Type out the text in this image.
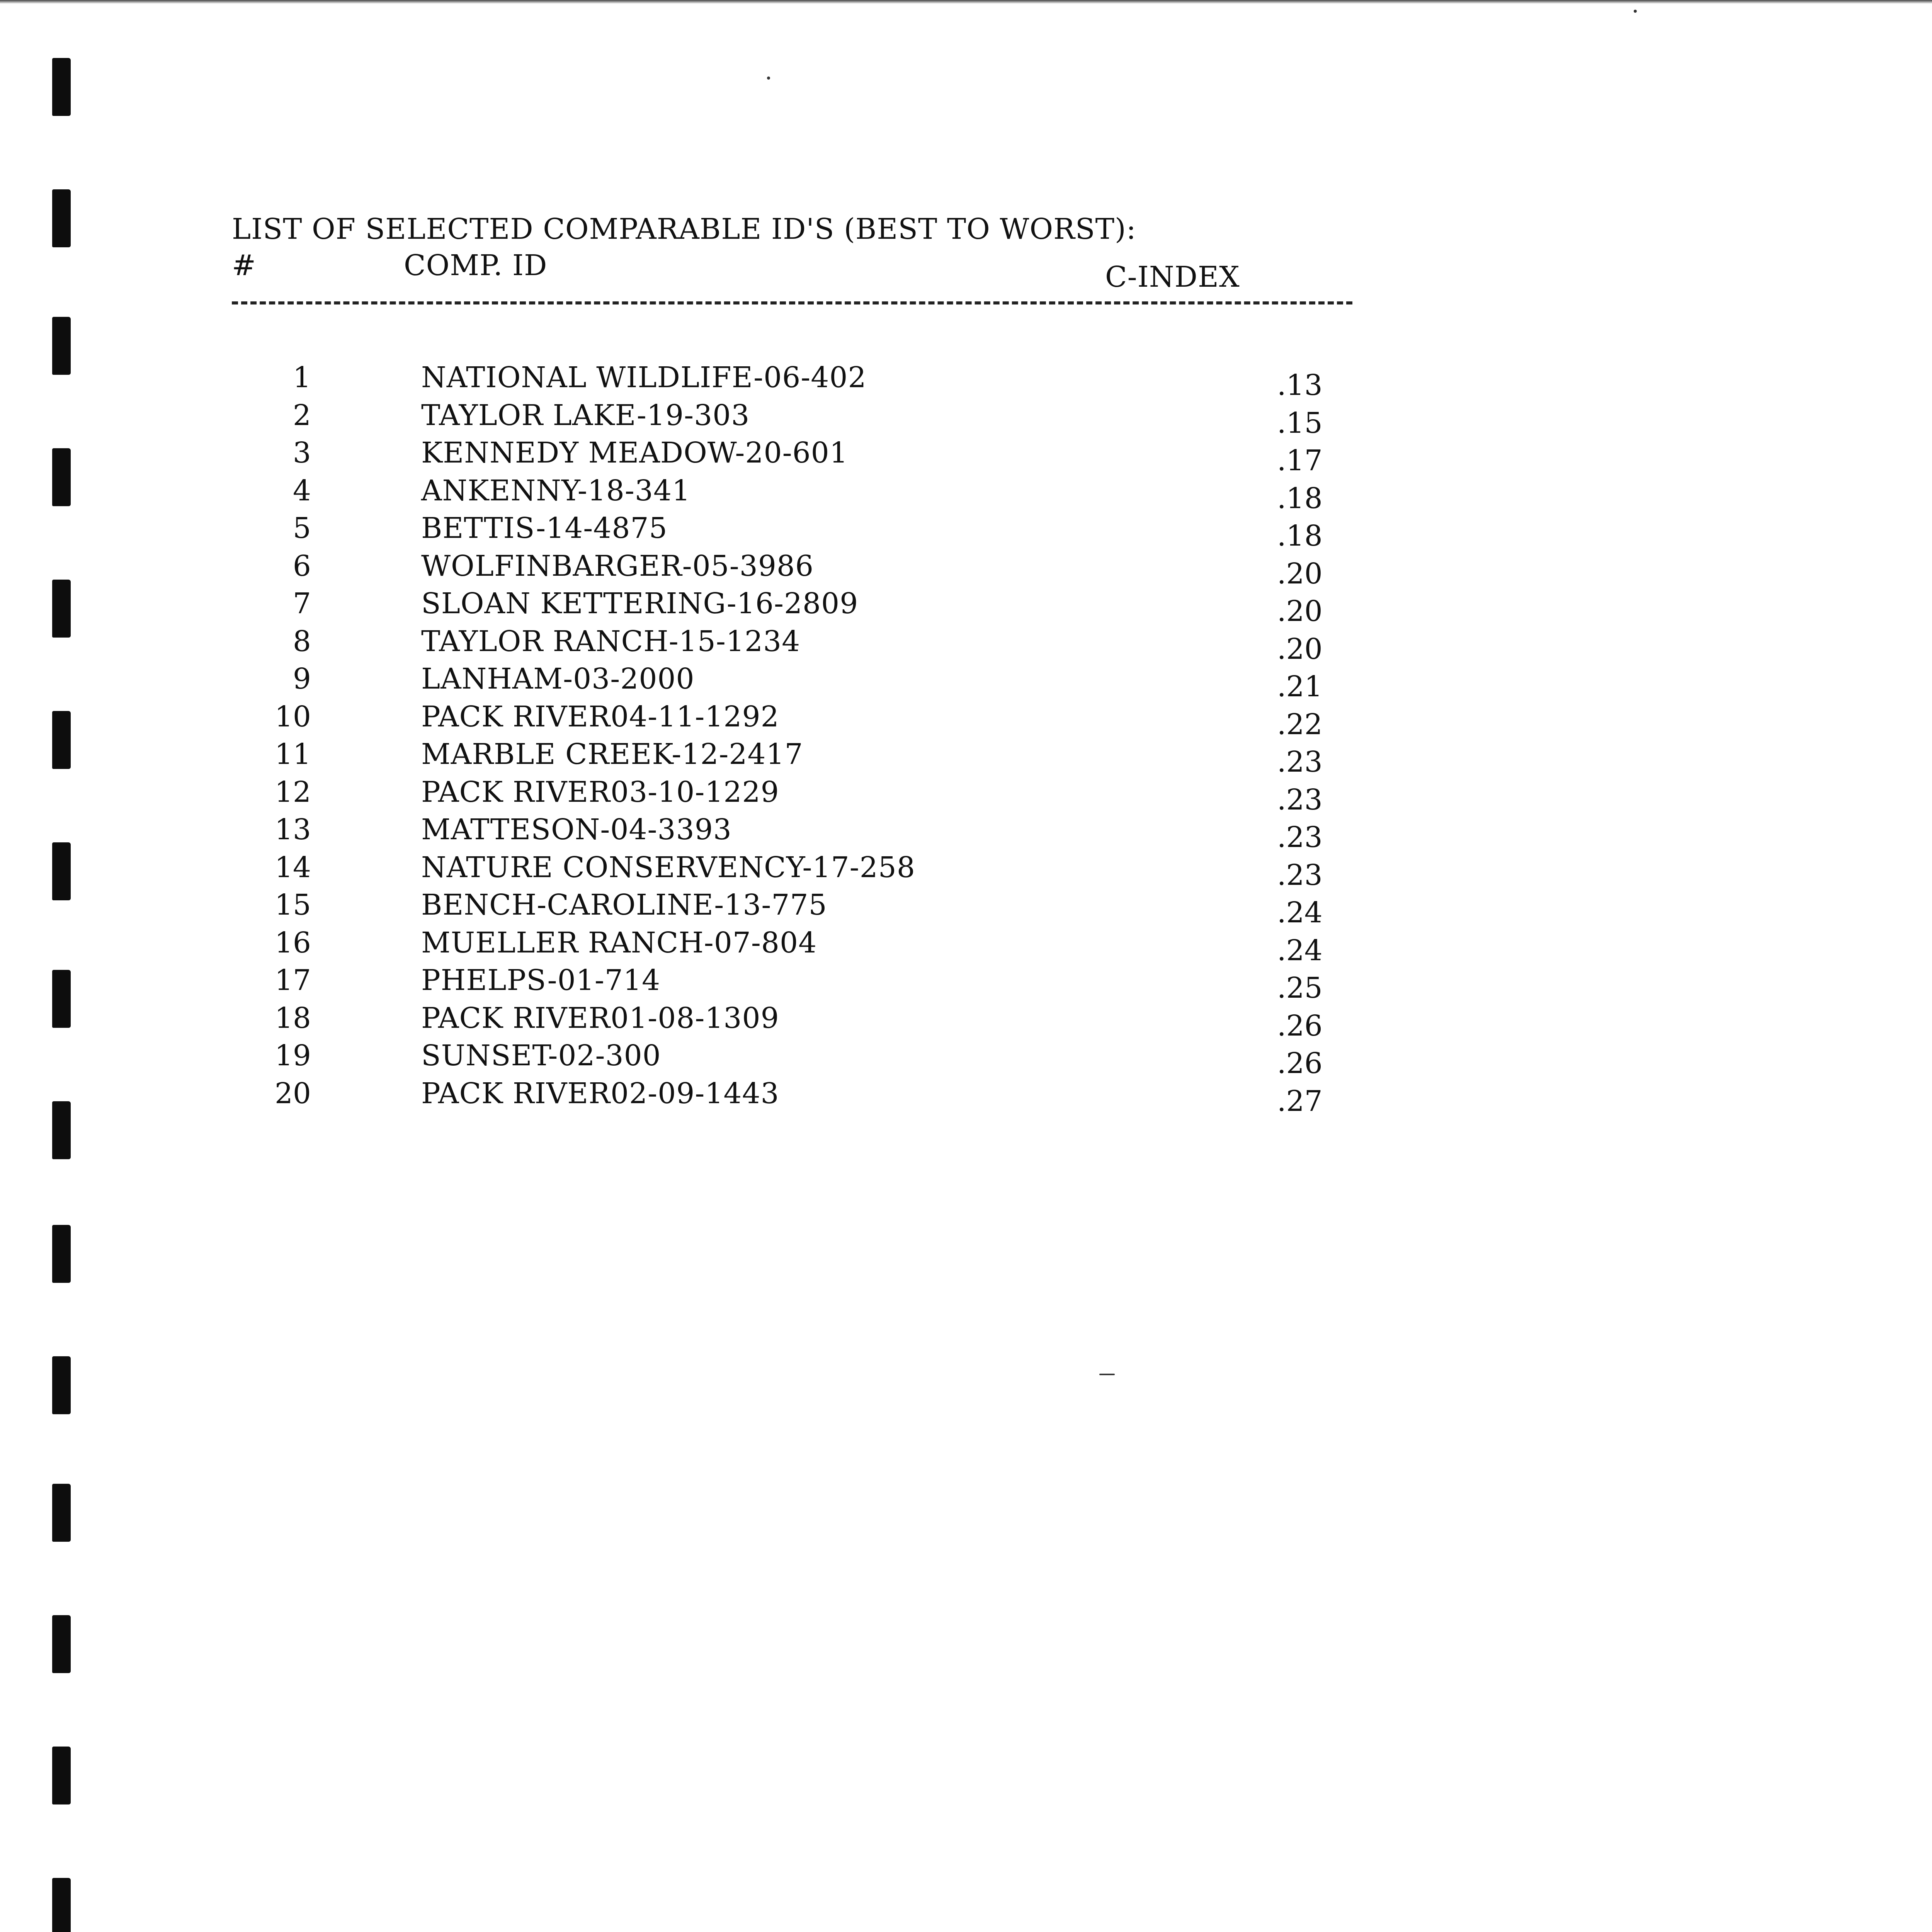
LIST OF SELECTED COMPARABLE ID'S (BEST TO WORST):
#	COMP. ID	C-INDEX
1	NATIONAL WILDLIFE-06-402	.13
2	TAYLOR LAKE-19-303	.15
3	KENNEDY MEADOW-20-601	.17
4	ANKENNY-18-341	.18
5	BETTIS-14-4875	.18
6	WOLFINBARGER-05-3986	.20
7	SLOAN KETTERING-16-2809	.20
8	TAYLOR RANCH-15-1234	.20
9	LANHAM-03-2000	.21
10	PACK RIVER04-11-1292	.22
11	MARBLE CREEK-12-2417	.23
12	PACK RIVER03-10-1229	.23
13	MATTESON-04-3393	.23
14	NATURE CONSERVENCY-17-258	.23
15	BENCH-CAROLINE-13-775	.24
16	MUELLER RANCH-07-804	.24
17	PHELPS-01-714	.25
18	PACK RIVER01-08-1309	.26
19	SUNSET-02-300	.26
20	PACK RIVER02-09-1443	.27
